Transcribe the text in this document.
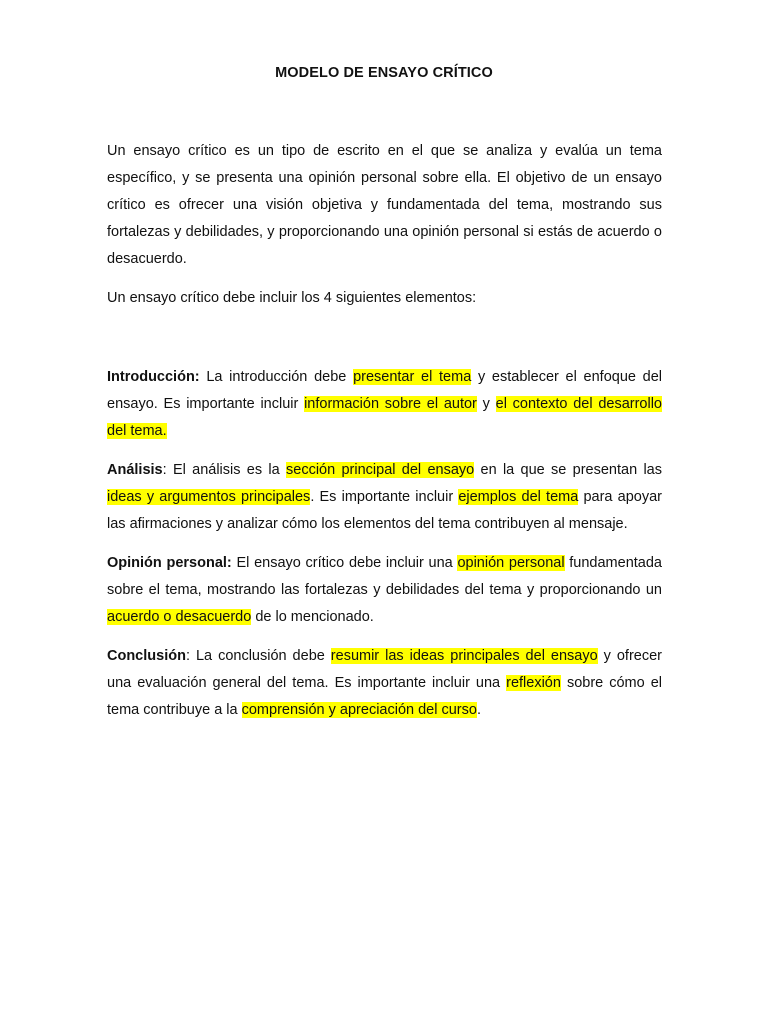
MODELO DE ENSAYO CRÍTICO

Un ensayo crítico es un tipo de escrito en el que se analiza y evalúa un tema específico, y se presenta una opinión personal sobre ella. El objetivo de un ensayo crítico es ofrecer una visión objetiva y fundamentada del tema, mostrando sus fortalezas y debilidades, y proporcionando una opinión personal si estás de acuerdo o desacuerdo.

Un ensayo crítico debe incluir los 4 siguientes elementos:

Introducción: La introducción debe presentar el tema y establecer el enfoque del ensayo. Es importante incluir información sobre el autor y el contexto del desarrollo del tema.

Análisis: El análisis es la sección principal del ensayo en la que se presentan las ideas y argumentos principales. Es importante incluir ejemplos del tema para apoyar las afirmaciones y analizar cómo los elementos del tema contribuyen al mensaje.

Opinión personal: El ensayo crítico debe incluir una opinión personal fundamentada sobre el tema, mostrando las fortalezas y debilidades del tema y proporcionando un acuerdo o desacuerdo de lo mencionado.

Conclusión: La conclusión debe resumir las ideas principales del ensayo y ofrecer una evaluación general del tema. Es importante incluir una reflexión sobre cómo el tema contribuye a la comprensión y apreciación del curso.
